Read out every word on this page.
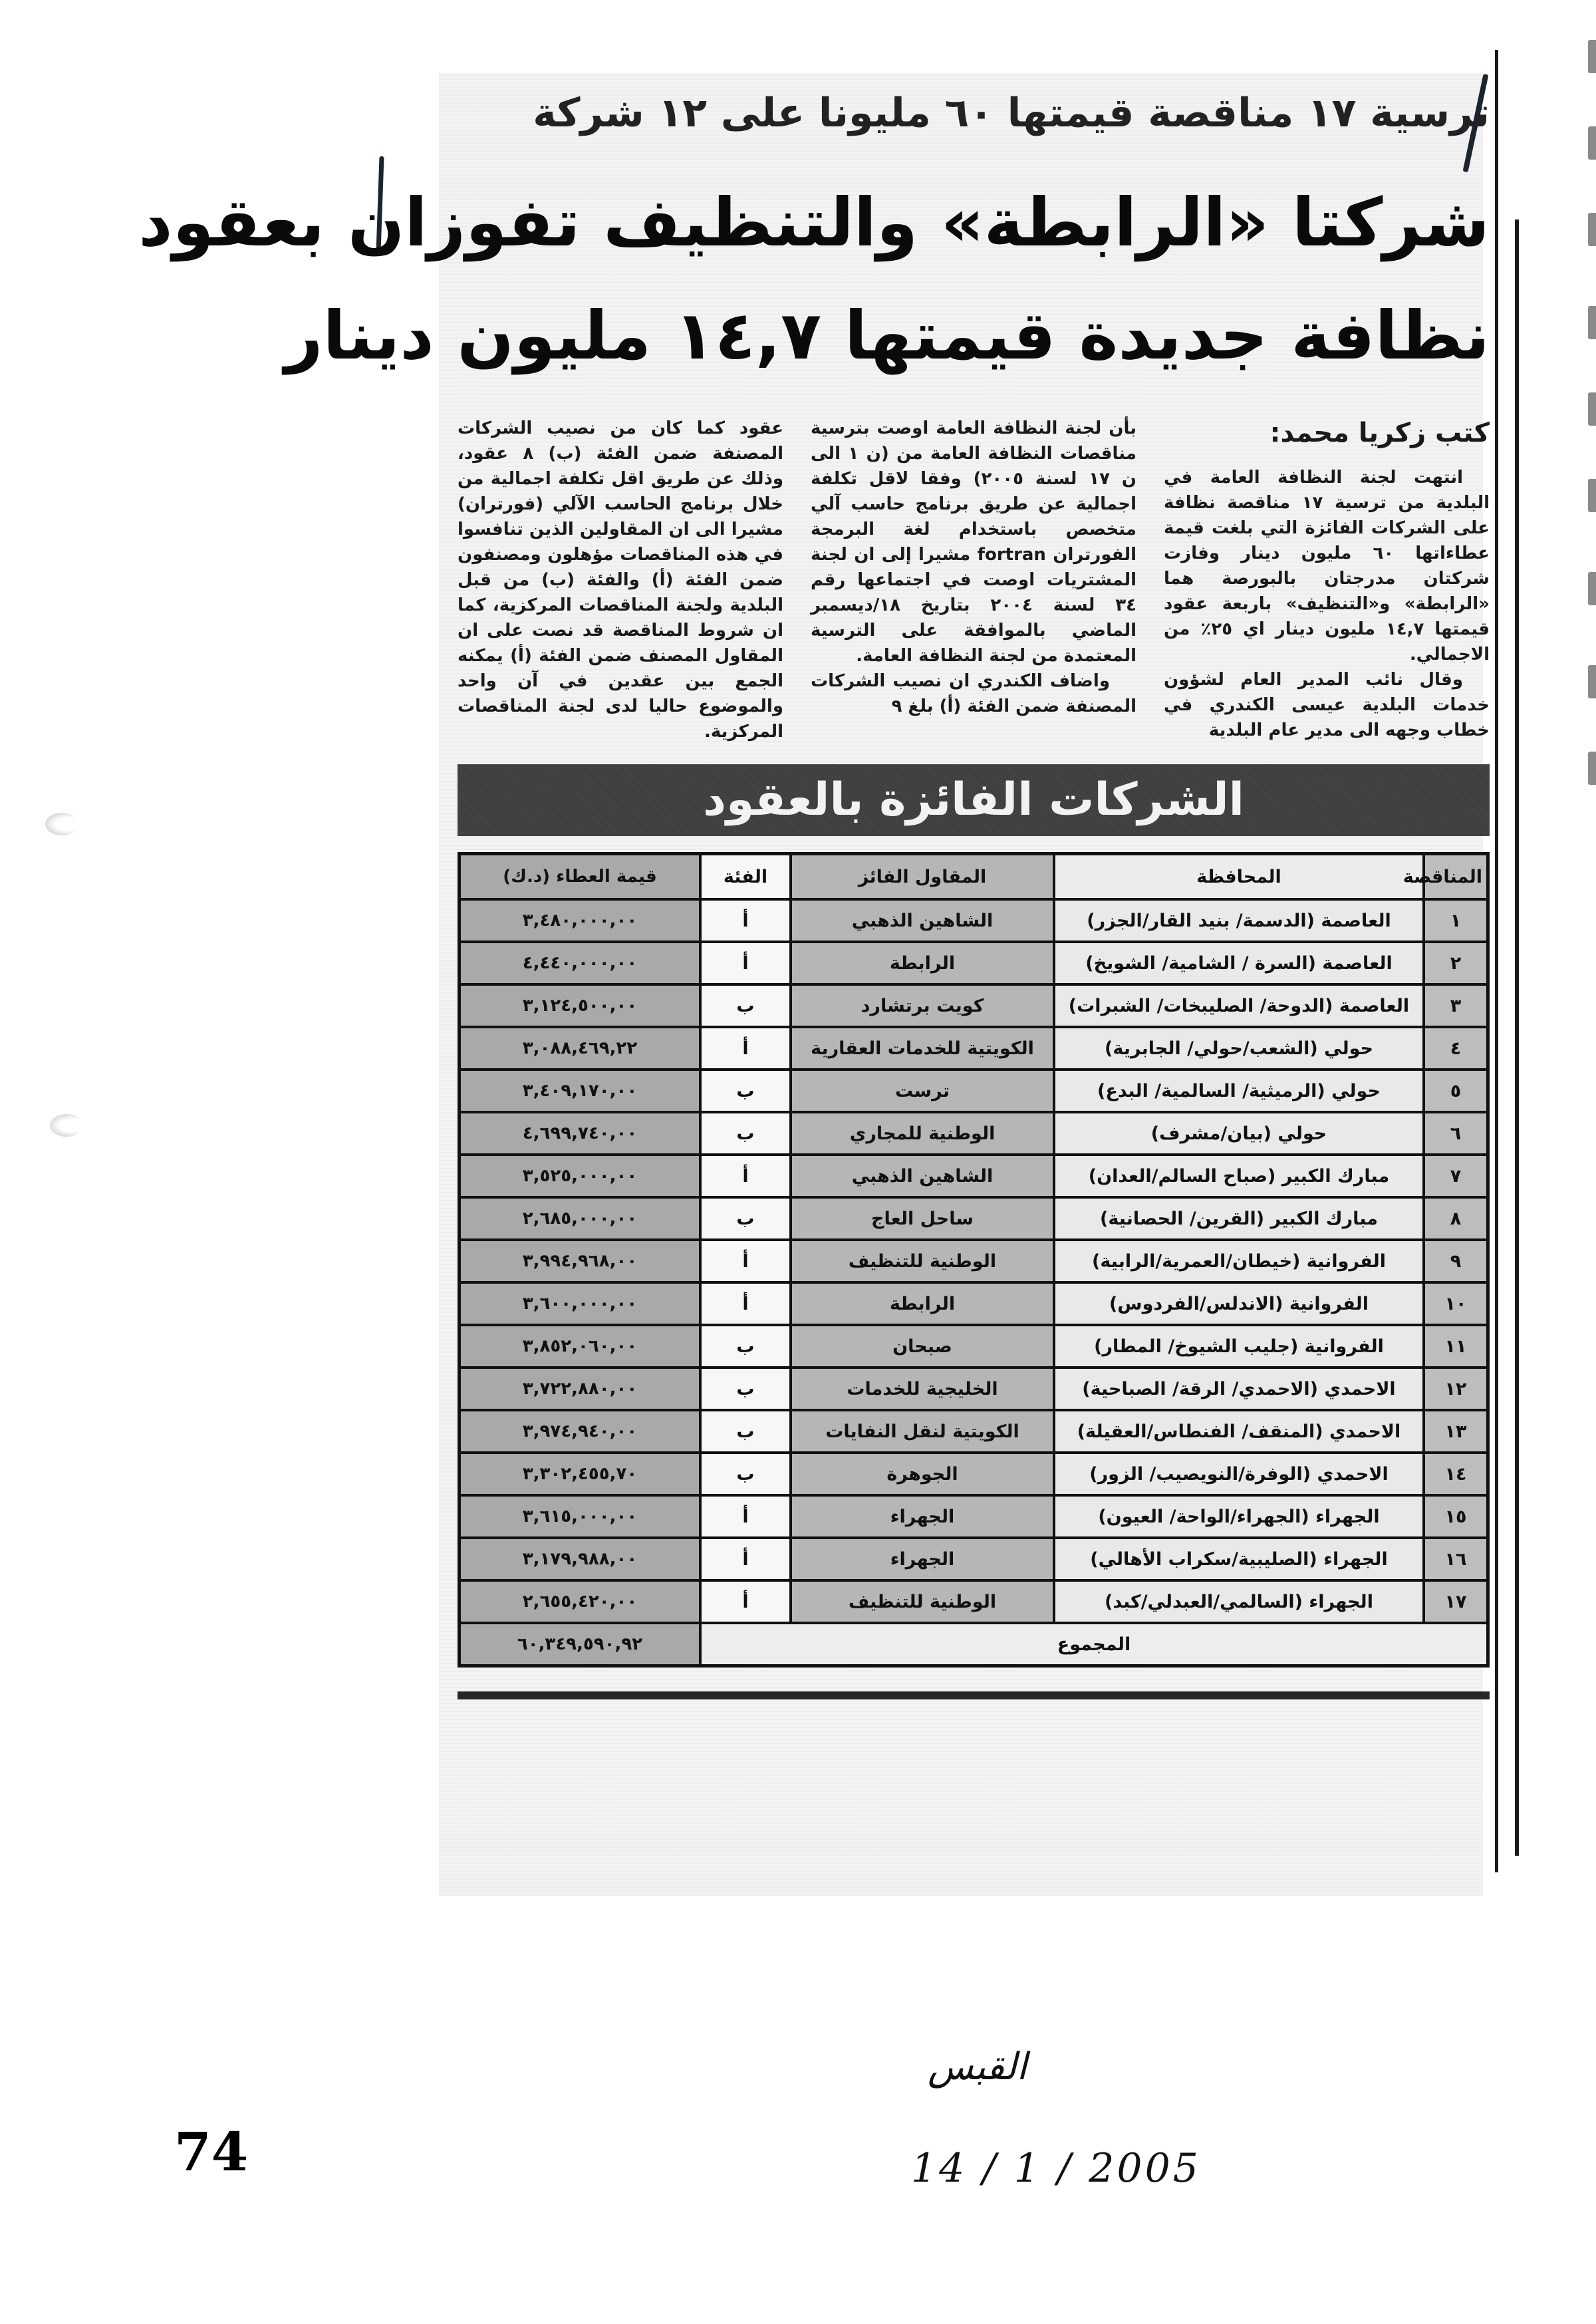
ترسية ١٧ مناقصة قيمتها ٦٠ مليونا على ١٢ شركة
شركتا «الرابطة» والتنظيف تفوزان بعقود
نظافة جديدة قيمتها ١٤,٧ مليون دينار

كتب زكريا محمد:

انتهت لجنة النظافة العامة في البلدية من ترسية ١٧ مناقصة نظافة على الشركات الفائزة التي بلغت قيمة عطاءاتها ٦٠ مليون دينار وفازت شركتان مدرجتان بالبورصة هما «الرابطة» و«التنظيف» باربعة عقود قيمتها ١٤,٧ مليون دينار اي ٢٥٪ من الاجمالي.

وقال نائب المدير العام لشؤون خدمات البلدية عيسى الكندري في خطاب وجهه الى مدير عام البلدية

بأن لجنة النظافة العامة اوصت بترسية مناقصات النظافة العامة من (ن ١ الى ن ١٧ لسنة ٢٠٠٥) وفقا لاقل تكلفة اجمالية عن طريق برنامج حاسب آلي متخصص باستخدام لغة البرمجة الفورتران fortran مشيرا إلى ان لجنة المشتريات اوصت في اجتماعها رقم ٣٤ لسنة ٢٠٠٤ بتاريخ ١٨/ديسمبر الماضي بالموافقة على الترسية المعتمدة من لجنة النظافة العامة.

واضاف الكندري ان نصيب الشركات المصنفة ضمن الفئة (أ) بلغ ٩

عقود كما كان من نصيب الشركات المصنفة ضمن الفئة (ب) ٨ عقود، وذلك عن طريق اقل تكلفة اجمالية من خلال برنامج الحاسب الآلي (فورتران) مشيرا الى ان المقاولين الذين تنافسوا في هذه المناقصات مؤهلون ومصنفون ضمن الفئة (أ) والفئة (ب) من قبل البلدية ولجنة المناقصات المركزية، كما ان شروط المناقصة قد نصت على ان المقاول المصنف ضمن الفئة (أ) يمكنه الجمع بين عقدين في آن واحد والموضوع حاليا لدى لجنة المناقصات المركزية.

الشركات الفائزة بالعقود
المناقصة	المحافظة	المقاول الفائز	الفئة	قيمة العطاء (د.ك)
١	العاصمة (الدسمة/ بنيد القار/الجزر)	الشاهين الذهبي	أ	٣,٤٨٠,٠٠٠,٠٠
٢	العاصمة (السرة / الشامية/ الشويخ)	الرابطة	أ	٤,٤٤٠,٠٠٠,٠٠
٣	العاصمة (الدوحة/ الصليبخات/ الشبرات)	كويت برتشارد	ب	٣,١٢٤,٥٠٠,٠٠
٤	حولي (الشعب/حولي/ الجابرية)	الكويتية للخدمات العقارية	أ	٣,٠٨٨,٤٦٩,٢٢
٥	حولي (الرميثية/ السالمية/ البدع)	ترست	ب	٣,٤٠٩,١٧٠,٠٠
٦	حولي (بيان/مشرف)	الوطنية للمجاري	ب	٤,٦٩٩,٧٤٠,٠٠
٧	مبارك الكبير (صباح السالم/العدان)	الشاهين الذهبي	أ	٣,٥٢٥,٠٠٠,٠٠
٨	مبارك الكبير (القرين/ الحصانية)	ساحل العاج	ب	٢,٦٨٥,٠٠٠,٠٠
٩	الفروانية (خيطان/العمرية/الرابية)	الوطنية للتنظيف	أ	٣,٩٩٤,٩٦٨,٠٠
١٠	الفروانية (الاندلس/الفردوس)	الرابطة	أ	٣,٦٠٠,٠٠٠,٠٠
١١	الفروانية (جليب الشيوخ/ المطار)	صبحان	ب	٣,٨٥٢,٠٦٠,٠٠
١٢	الاحمدي (الاحمدي/ الرقة/ الصباحية)	الخليجية للخدمات	ب	٣,٧٢٢,٨٨٠,٠٠
١٣	الاحمدي (المنقف/ الفنطاس/العقيلة)	الكويتية لنقل النفايات	ب	٣,٩٧٤,٩٤٠,٠٠
١٤	الاحمدي (الوفرة/النويصيب/ الزور)	الجوهرة	ب	٣,٣٠٢,٤٥٥,٧٠
١٥	الجهراء (الجهراء/الواحة/ العيون)	الجهراء	أ	٣,٦١٥,٠٠٠,٠٠
١٦	الجهراء (الصليبية/سكراب الأهالي)	الجهراء	أ	٣,١٧٩,٩٨٨,٠٠
١٧	الجهراء (السالمي/العبدلي/كبد)	الوطنية للتنظيف	أ	٢,٦٥٥,٤٢٠,٠٠
المجموع				٦٠,٣٤٩,٥٩٠,٩٢
القبس
14 / 1 / 2005
74
